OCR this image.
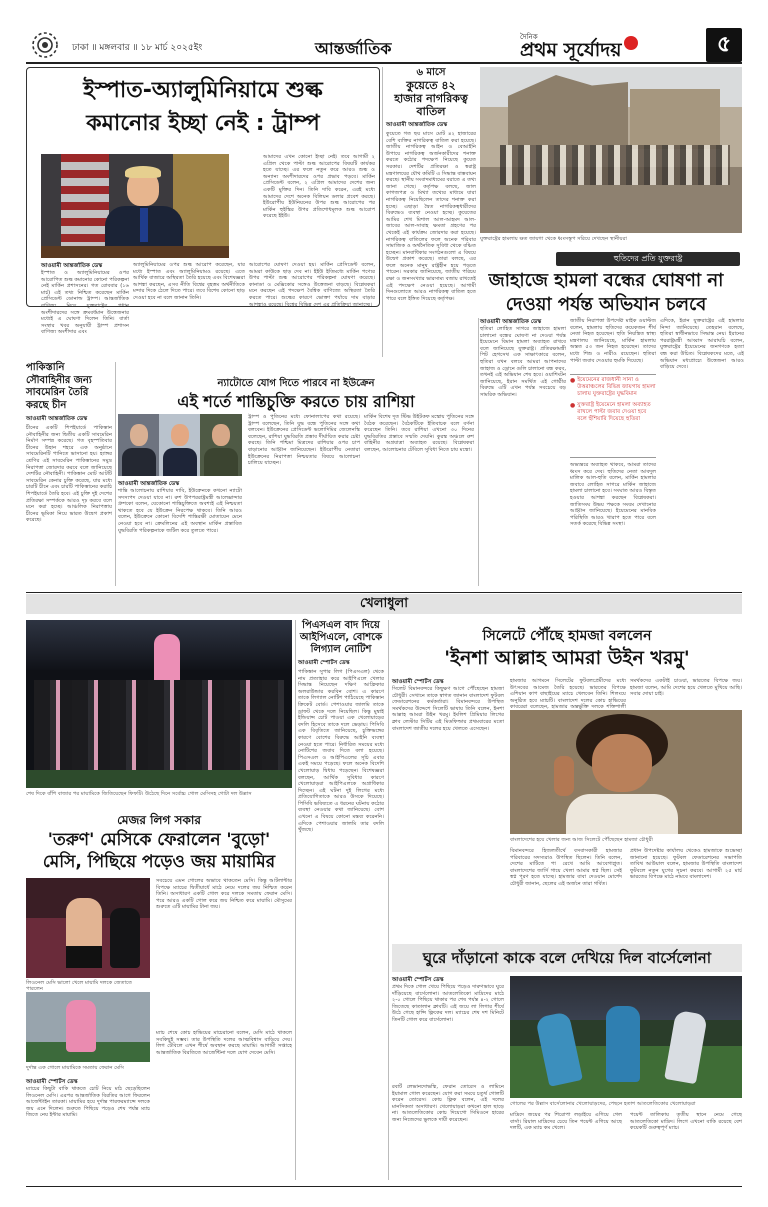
ঢাকা ॥ মঙ্গলবার ॥ ১৮ মার্চ ২০২৫ইং	আন্তর্জাতিক
দৈনিক
প্রথম সূর্যোদয়	৫
ইস্পাত-অ্যালুমিনিয়ামে শুল্ক
কমানোর ইচ্ছা নেই : ট্রাম্প
আমাদের এখন কোনো ইচ্ছা নেই। তবে আগামী ২ এপ্রিল থেকে পাল্টা শুল্ক আরোপের বিষয়টি কার্যকর হতে যাচ্ছে। এর ফলে নতুন করে আরও শুল্ক ও অন্যান্য অংশীদারদের ওপর প্রভাব পড়বে। মার্কিন প্রেসিডেন্ট বলেন, ২ এপ্রিল আমাদের দেশের জন্য একটি মুক্তির দিন। তিনি দাবি করেন, এরই মধ্যে আমাদের দেশে অনেক বিলিয়ন ডলার প্রবেশ করছে। ইউরোপীয় ইউনিয়নের উপর শুল্ক আরোপের পর মার্কিন হুইস্কির উপর প্রতিশোধমূলক শুল্ক আরোপ করেছে ইইউ।
আওয়ামী আন্তর্জাতিক ডেস্ক
ইস্পাত ও অ্যালুমিনিয়ামের ওপর আরোপিত শুল্ক কমানোর কোনো পরিকল্পনা নেই মার্কিন প্রশাসনের। গত রোববার (১৬ মার্চ) এই তথ্য নিশ্চিত করেছেন মার্কিন প্রেসিডেন্ট ডোনাল্ড ট্রাম্প। আন্তর্জাতিক বাণিজ্য নিয়ে যুক্তরাষ্ট্রের প্রধান অংশীদারদের সঙ্গে ক্রমবর্ধমান উত্তেজনার মধ্যেই এ ঘোষণা দিলেন তিনি। বার্তা সংস্থার খবর অনুযায়ী ট্রাম্প প্রশাসন বাণিজ্য অংশীদার এবং
অ্যালুমিনিয়ামের ওপর শুল্ক আরোপ করেছেন, যার মধ্যে ইস্পাত এবং অ্যালুমিনিয়ামও রয়েছে। এতে আর্থিক বাজারে অস্থিরতা তৈরি হয়েছে এবং বিশেষজ্ঞরা আশঙ্কা করছেন, এসব নীতি বিশ্বের বৃহত্তম অর্থনীতিকে মন্দার দিকে ঠেলে দিতে পারে। তবে বিশেষ কোনো ছাড় দেওয়া হবে না বলে জানান তিনি।
আরোপের ঘোষণা দেওয়া হয়। মার্কিন প্রেসিডেন্ট বলেন, আমরা কাউকে ছাড় দেব না। ইইউ ইতিমধ্যে মার্কিন পণ্যের উপর পাল্টা শুল্ক আরোপের পরিকল্পনা ঘোষণা করেছে। কানাডা ও মেক্সিকোর সঙ্গেও উত্তেজনা বাড়ছে। বিশ্লেষকরা মনে করছেন এই পদক্ষেপ বৈশ্বিক বাণিজ্যে অস্থিরতা তৈরি করতে পারে। শুল্কের কারণে ভোক্তা পর্যায়ে দাম বাড়ার আশঙ্কাও রয়েছে। বিশ্বের বিভিন্ন দেশ এর প্রতিক্রিয়া জানাচ্ছে।
৬ মাসে
কুয়েতে ৪২
হাজার নাগরিকত্ব
বাতিল
আওয়ামী আন্তর্জাতিক ডেস্ক
কুয়েতে গত ছয় মাসে মোট ৪২ হাজারের বেশি ব্যক্তির নাগরিকত্ব বাতিল করা হয়েছে। জাতীয় নাগরিকত্ব আইন ও বেআইনি উপায়ে নাগরিকত্ব অর্জনকারীদের শনাক্ত করতে কঠোর পদক্ষেপ নিয়েছে কুয়েত সরকার। দেশটির প্রতিরক্ষা ও স্বরাষ্ট্র মন্ত্রণালয়ের যৌথ কমিটি এ সিদ্ধান্ত বাস্তবায়ন করছে। স্থানীয় সংবাদমাধ্যমের বরাতে এ তথ্য জানা গেছে। কর্তৃপক্ষ বলছে, জাল কাগজপত্র ও মিথ্যা তথ্যের মাধ্যমে যারা নাগরিকত্ব নিয়েছিলেন তাদের শনাক্ত করা হচ্ছে। এছাড়া দ্বৈত নাগরিকত্বধারীদের বিরুদ্ধেও ব্যবস্থা নেওয়া হচ্ছে। কুয়েতের আমির শেখ মিশাল আল-আহমদ আল-জাবের আল-সাবাহ ক্ষমতা গ্রহণের পর থেকেই এই কার্যক্রম জোরদার করা হয়েছে। নাগরিকত্ব বাতিলের ফলে অনেক পরিবার সামাজিক ও অর্থনৈতিক সুবিধা থেকে বঞ্চিত হচ্ছেন। মানবাধিকার সংগঠনগুলো এ বিষয়ে উদ্বেগ প্রকাশ করেছে। তারা বলছে, এর ফলে অনেক মানুষ রাষ্ট্রহীন হয়ে পড়তে পারেন। সরকার জানিয়েছে, জাতীয় পরিচয় রক্ষা ও জনসংখ্যার ভারসাম্য বজায় রাখতেই এই পদক্ষেপ নেওয়া হয়েছে। আগামী দিনগুলোতে আরও নাগরিকত্ব বাতিল হতে পারে বলে ইঙ্গিত দিয়েছে কর্তৃপক্ষ।
যুক্তরাষ্ট্রের হামলায় ক্ষত জায়গা থেকে ধ্বংসস্তূপ সরিয়ে দেখছেন স্থানীয়রা
হুতিদের প্রতি যুক্তরাষ্ট্র
জাহাজে হামলা বন্ধের ঘোষণা না
দেওয়া পর্যন্ত অভিযান চলবে
আওয়ামী আন্তর্জাতিক ডেস্ক
হুতিরা লোহিত সাগরে জাহাজে হামলা চালানো বন্ধের ঘোষণা না দেওয়া পর্যন্ত ইয়েমেনে বিমান হামলা অব্যাহত রাখবে বলে জানিয়েছে যুক্তরাষ্ট্র। প্রতিরক্ষামন্ত্রী পিট হেগসেথ এক সাক্ষাৎকারে বলেন, হুতিরা যখন বলবে আমরা আপনাদের জাহাজ ও ড্রোনে গুলি চালানো বন্ধ করব, তখনই এই অভিযান শেষ হবে। ওয়াশিংটন জানিয়েছে, ইরান সমর্থিত এই গোষ্ঠীর বিরুদ্ধে এটি এখন পর্যন্ত সবচেয়ে বড় সামরিক অভিযান।
জাতীয় নিরাপত্তা উপদেষ্টা মাইক ওয়াল্টজ বলেন, হামলায় হুতিদের কয়েকজন শীর্ষ নেতা নিহত হয়েছেন। হুতি নিয়ন্ত্রিত স্বাস্থ্য মন্ত্রণালয় জানিয়েছে, মার্কিন হামলায় অন্তত ৫৩ জন নিহত হয়েছেন। তাদের মধ্যে শিশু ও নারীও রয়েছেন। হুতিরা পাল্টা জবাব দেওয়ার হুমকি দিয়েছে।
● ইয়েমেনের রাজধানী সানা ও উত্তরাঞ্চলের বিভিন্ন জায়গায় হামলা চালায় যুক্তরাষ্ট্রের যুদ্ধবিমান
● যুক্তরাষ্ট্র ইয়েমেনে হামলা অব্যাহত রাখলে পাল্টা জবাব দেওয়া হবে বলে হুঁশিয়ারি দিয়েছে হুতিরা
অভ্যন্তরে অব্যাহত থাকবে, আমরা তাদের ধ্বংস করে দেব। হুতিদের নেতা আবদুল মালিক আল-হুতি বলেন, মার্কিন হামলার জবাবে লোহিত সাগরে মার্কিন জাহাজে হামলা চালানো হবে। সংঘাত আরও বিস্তৃত হওয়ার আশঙ্কা করছেন বিশ্লেষকরা। জাতিসংঘ উভয় পক্ষকে সংযম দেখানোর আহ্বান জানিয়েছে। ইয়েমেনের মানবিক পরিস্থিতি আরও খারাপ হতে পারে বলে সতর্ক করেছে বিভিন্ন সংস্থা।
এদিকে, ইরান যুক্তরাষ্ট্রের এই হামলার নিন্দা জানিয়েছে। তেহরান বলেছে, হুতিরা স্বাধীনভাবে সিদ্ধান্ত নেয়। ইরানের পররাষ্ট্রমন্ত্রী আব্বাস আরাঘচি বলেন, যুক্তরাষ্ট্রের ইয়েমেনের জনগণকে হত্যা বন্ধ করা উচিত। বিশ্লেষকদের মতে, এই অভিযান মধ্যপ্রাচ্যে উত্তেজনা আরও বাড়িয়ে দেবে।
পাকিস্তানি সৌবাহিনীর জন্য সাবমেরিন তৈরি করছে চীন
আওয়ামী আন্তর্জাতিক ডেস্ক
চীনের একটি শিপইয়ার্ডে পাকিস্তান নৌবাহিনীর জন্য দ্বিতীয় একটি সাবমেরিন নির্মাণ সম্পন্ন করেছে। গত বৃহস্পতিবার চীনের উহান শহরে এক অনুষ্ঠানে সাবমেরিনটি পানিতে ভাসানো হয়। হ্যাঙ্গর শ্রেণির এই সাবমেরিন পাকিস্তানের সমুদ্র নিরাপত্তা জোরদার করবে বলে জানিয়েছে দেশটির নৌবাহিনী। পাকিস্তান মোট আটটি সাবমেরিন কেনার চুক্তি করেছে, যার মধ্যে চারটি চীনে এবং চারটি পাকিস্তানের করাচি শিপইয়ার্ডে তৈরি হবে। এই চুক্তি দুই দেশের প্রতিরক্ষা সম্পর্ককে আরও দৃঢ় করবে বলে মনে করা হচ্ছে। আঞ্চলিক নিরাপত্তায় চীনের ভূমিকা নিয়ে ভারত উদ্বেগ প্রকাশ করেছে।
ন্যাটোতে যোগ দিতে পারবে না ইউক্রেন
এই শর্তে শান্তিচুক্তি করতে চায় রাশিয়া
আওয়ামী আন্তর্জাতিক ডেস্ক
শান্তি আলোচনায় রাশিয়ার দাবি, ইউক্রেনকে কখনো ন্যাটো সদস্যপদ দেওয়া যাবে না। রুশ উপপররাষ্ট্রমন্ত্রী আলেক্সান্দার গ্রুশকো বলেন, যেকোনো শান্তিচুক্তিতে অবশ্যই এই নিশ্চয়তা থাকতে হবে যে ইউক্রেন নিরপেক্ষ থাকবে। তিনি আরও বলেন, ইউক্রেনে কোনো বিদেশি শান্তিরক্ষী মোতায়েন মেনে নেওয়া হবে না। ক্রেমলিনের এই অবস্থান মার্কিন প্রস্তাবিত যুদ্ধবিরতি পরিকল্পনাকে জটিল করে তুলতে পারে।
ট্রাম্প ও পুতিনের মধ্যে ফোনালাপের কথা রয়েছে। ট্রাম্প বলেছেন, তিনি যুদ্ধ বন্ধে পুতিনের সঙ্গে কথা বলবেন। ইউক্রেনের প্রেসিডেন্ট ভলোদিমির জেলেনস্কি বলেছেন, রাশিয়া যুদ্ধবিরতি প্রস্তাব দীর্ঘায়িত করার চেষ্টা করছে। তিনি পশ্চিমা মিত্রদের রাশিয়ার ওপর চাপ বাড়ানোর আহ্বান জানিয়েছেন। ইউরোপীয় নেতারা ইউক্রেনের নিরাপত্তা নিশ্চয়তার বিষয়ে আলোচনা চালিয়ে যাচ্ছেন।
মার্কিন বিশেষ দূত স্টিভ উইটকফ মস্কোয় পুতিনের সঙ্গে বৈঠক করেছেন। বৈঠকটিকে ইতিবাচক বলে বর্ণনা করেছেন তিনি। তবে রাশিয়া এখনো ৩০ দিনের যুদ্ধবিরতির প্রস্তাবে সম্মতি দেয়নি। কুরস্ক অঞ্চলে রুশ বাহিনীর অগ্রযাত্রা অব্যাহত রয়েছে। বিশ্লেষকরা বলছেন, আলোচনার টেবিলে সুবিধা নিতে চায় মস্কো।
খেলাধুলা
শেষ দিকে বাঁশি বাজার পর মায়ামিকে জিতিয়েছেন ফিফটি। উঠেছে দিনে সর্বোচ্চ গোল মেসিসহ গোটা দল উল্লাস
মেজর লিগ সকার
'তরুণ' মেসিকে ফেরালেন 'বুড়ো'
মেসি, পিছিয়ে পড়েও জয় মায়ামির
লিওনেল মেসি ভালো খেলে মায়ামি দলকে জেতাতে পারলেন
দুর্দান্ত এক গোলে মায়ামিকে সমতায় ফেরান মেসি
আওয়ামী স্পোর্টস ডেস্ক
ম্যাচের কিছুটা বাকি থাকতে চোট নিয়ে মাঠ ছেড়েছিলেন লিওনেল মেসি। এরপর আন্তর্জাতিক বিরতির আগে ফিরলেন আর্জেন্টাইন তারকা। মায়ামির হয়ে দুর্দান্ত পারফরম্যান্সে দলকে জয় এনে দিলেন। শুরুতে পিছিয়ে পড়েও শেষ পর্যন্ত ম্যাচ জিতে নেয় ইন্টার মায়ামি।
সবচেয়ে এমন গোলের অভাবে থাকতেন মেসি। কিন্তু আটলান্টার বিপক্ষে ম্যাচের দ্বিতীয়ার্ধে মাঠে নেমে দলের জয় নিশ্চিত করেন তিনি। অসাধারণ একটি গোল করে দলকে সমতায় ফেরান মেসি। পরে আরও একটি গোল করে জয় নিশ্চিত করে মায়ামি। মৌসুমের শুরুতে এটি মায়ামির টানা জয়।
ম্যাচ শেষে কোচ হাভিয়ের মাচেরানো বলেন, মেসি মাঠে থাকলে সবকিছুই সম্ভব। তার উপস্থিতি দলের আত্মবিশ্বাস বাড়িয়ে দেয়। লিগ টেবিলে এখন শীর্ষে অবস্থান করছে মায়ামি। আগামী সপ্তাহে আন্তর্জাতিক বিরতিতে আর্জেন্টিনা দলে যোগ দেবেন মেসি।
পিএসএল বাদ দিয়ে
আইপিএলে, বোশকে
লিগ্যাল নোটিশ
আওয়ামী স্পোর্টস ডেস্ক
পাকিস্তান সুপার লিগ (পিএসএল) থেকে নাম প্রত্যাহার করে আইপিএলে খেলার সিদ্ধান্ত নিয়েছেন দক্ষিণ আফ্রিকার অলরাউন্ডার করবিন বোশ। এ কারণে তাকে লিগ্যাল নোটিশ পাঠিয়েছে পাকিস্তান ক্রিকেট বোর্ড। পেশাওয়ার জালমি তাকে ড্রাফট থেকে দলে নিয়েছিল। কিন্তু মুম্বাই ইন্ডিয়ান্স চোট পাওয়া এক খেলোয়াড়ের বদলি হিসেবে তাকে দলে ভেড়ায়। পিসিবি এক বিবৃতিতে জানিয়েছে, চুক্তিভঙ্গের কারণে বোশের বিরুদ্ধে আইনি ব্যবস্থা নেওয়া হতে পারে। নির্ধারিত সময়ের মধ্যে নোটিশের জবাব দিতে বলা হয়েছে। পিএসএল ও আইপিএলের সূচি এবার একই সময়ে পড়েছে। ফলে অনেক বিদেশি খেলোয়াড় দ্বিধায় পড়েছেন। বিশেষজ্ঞরা বলছেন, আর্থিক সুবিধার কারণে খেলোয়াড়রা আইপিএলকে অগ্রাধিকার দিচ্ছেন। এই ঘটনা দুই লিগের মধ্যে প্রতিযোগিতাকে আরও উসকে দিয়েছে। পিসিবি ভবিষ্যতে এ ধরনের ঘটনায় কঠোর ব্যবস্থা নেওয়ার কথা জানিয়েছে। বোশ এখনো এ বিষয়ে কোনো মন্তব্য করেননি। এদিকে পেশাওয়ার জালমি তার বদলি খুঁজছে।
সিলেটে পৌঁছে হামজা বললেন
'ইনশা আল্লাহ আমরা উইন খরমু'
আওয়ামী স্পোর্টস ডেস্ক
সিলেট বিমানবন্দরে কিছুক্ষণ আগে পৌঁছেছেন হামজা চৌধুরী। সেখানে তাকে স্বাগত জানান বাংলাদেশ ফুটবল ফেডারেশনের কর্মকর্তারা। বিমানবন্দরে উপস্থিত সমর্থকদের উদ্দেশে সিলেটি ভাষায় তিনি বলেন, ইনশা আল্লাহ আমরা উইন খরমু। ইংলিশ প্রিমিয়ার লিগের ক্লাব লেস্টার সিটির এই মিডফিল্ডার প্রথমবারের মতো বাংলাদেশ জাতীয় দলের হয়ে খেলতে এসেছেন।
হামজার আগমনে সিলেটের ফুটবলপ্রেমীদের মধ্যে উৎসবের আমেজ তৈরি হয়েছে। ভারতের বিপক্ষে এশিয়ান কাপ বাছাইয়ের ম্যাচে খেলবেন তিনি। শিলংয়ে অনুষ্ঠিত হবে ম্যাচটি। বাংলাদেশ দলের কোচ হাভিয়ের কাবরেরা বলেছেন, হামজার অন্তর্ভুক্তি দলকে শক্তিশালী
সমর্থকদের একটাই চাওয়া, ভারতের বিপক্ষে জয়। হামজা বলেন, আমি দেশের হয়ে খেলতে মুখিয়ে আছি। সবার দোয়া চাই।
বাংলাদেশের হয়ে খেলার জন্য আজ সিলেটে পৌঁছেছেন হামজা চৌধুরী
বিমানবন্দরে হিজলতীর্থে বসবাসকারী হামজার পরিবারের সদস্যরাও উপস্থিত ছিলেন। তিনি বলেন, দেশের মাটিতে পা রেখে আমি আবেগাপ্লুত। বাংলাদেশের জার্সি গায়ে খেলা আমার স্বপ্ন ছিল। সেই স্বপ্ন পূরণ হতে যাচ্ছে। হামজার বাবা দেওয়ান মোর্শেদ চৌধুরী জানান, ছেলের এই অর্জনে তারা গর্বিত।
প্রধান উপদেষ্টার কার্যালয় থেকেও হামজাকে শুভেচ্ছা জানানো হয়েছে। ফুটবল ফেডারেশনের সভাপতি তাবিথ আউয়াল বলেন, হামজার উপস্থিতি বাংলাদেশ ফুটবলে নতুন যুগের সূচনা করবে। আগামী ২৫ মার্চ ভারতের বিপক্ষে মাঠে নামবে বাংলাদেশ।
ঘুরে দাঁড়ানো কাকে বলে দেখিয়ে দিল বার্সেলোনা
আওয়ামী স্পোর্টস ডেস্ক
প্রথম দিকে গোল খেয়ে পিছিয়ে পড়েও দারুণভাবে ঘুরে দাঁড়িয়েছে বার্সেলোনা। আতলেতিকো মাদ্রিদের মাঠে ২-০ গোলে পিছিয়ে থাকার পর শেষ পর্যন্ত ৪-২ গোলে জিতেছে কাতালান ক্লাবটি। এই জয়ে লা লিগার শীর্ষে উঠে গেছে হান্সি ফ্লিকের দল। ম্যাচের শেষ দশ মিনিটে তিনটি গোল করে বার্সেলোনা।
রবার্ট লেভানদোভস্কি, ফেরান তোরেস ও লামিনে ইয়ামাল গোল করেছেন। যোগ করা সময়ে চতুর্থ গোলটি করেন তোরেস। কোচ ফ্লিক বলেন, এই দলের মানসিকতা অসাধারণ। খেলোয়াড়রা কখনো হাল ছাড়ে না। আতলেতিকোর কোচ দিয়েগো সিমিওনে হারের জন্য নিজেদের ভুলকে দায়ী করেছেন।
গোলের পর উল্লাস বার্সেলোনার খেলোয়াড়দের, পেছনে হতাশ আতলেতিকোর খেলোয়াড়রা
মাদ্রিদে জয়ের পর শিরোপা লড়াইয়ে এগিয়ে গেল বার্সা। রিয়াল মাদ্রিদের চেয়ে তিন পয়েন্ট এগিয়ে আছে দলটি, এক ম্যাচ কম খেলে।
পয়েন্ট তালিকায় তৃতীয় স্থানে নেমে গেছে আতলেতিকো মাদ্রিদ। লিগে এখনো বাকি রয়েছে বেশ কয়েকটি গুরুত্বপূর্ণ ম্যাচ।
